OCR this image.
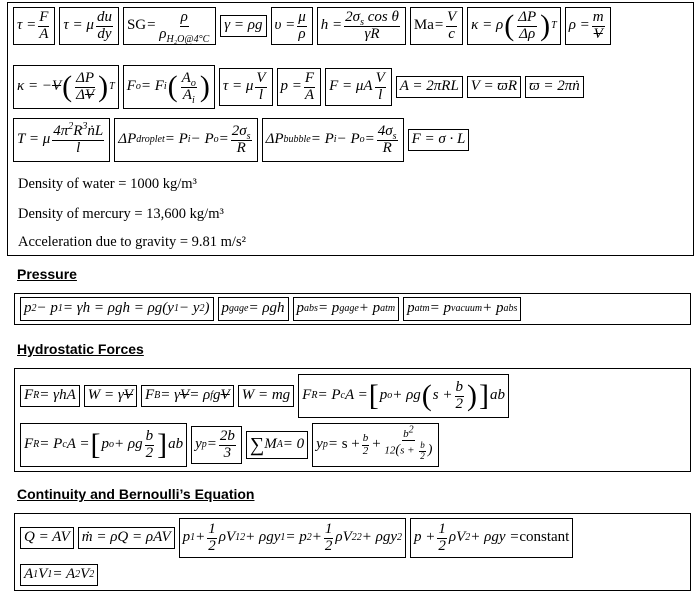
$\tau = \frac{F}{A}$ τ = μ $\frac{du}{dy}$ SG = $\frac{\rho}{\rho_{H_2O@4^\circ C}}$ γ = ρg $\upsilon = \frac{\mu}{\rho}$ $h = \frac{2\sigma_s \cos \theta}{\gamma R}$ $Ma = \frac{V}{c}$ κ = ρ ( $\frac{\Delta P}{\Delta\rho}$ ) T $\rho = \frac{m}{V}$
κ = − V ( $\frac{\Delta P}{\Delta V}$ ) T F o = F i ( $\frac{A_o}{A_i}$ ) τ = μ $\frac{V}{l}$ $p = \frac{F}{A}$ F = μA $\frac{V}{l}$ A = 2πRL V = ϖR ϖ = 2πṅ
T = μ $\frac{4\pi^2R^3ṅL}{l}$ ΔP droplet = P i − P $o = \frac{2\sigma_s}{R}$ ΔP bubble = P i − P $o = \frac{4\sigma_s}{R}$ F = σ · L
Density of water = 1000 kg/m³
Density of mercury = 13,600 kg/m³
Acceleration due to gravity = 9.81 m/s²
Pressure
p 2 − p 1 = γh = ρgh = ρg(y 1 − y 2 ) p gage = ρgh p abs = p gage + p atm p atm = p vacuum + p abs
Hydrostatic Forces
F R = γhA W = γ V F B = γ V = ρ f g V W = mg F R = P c A = [ p o + ρg ( $s + \frac{b}{2}$ ) ] ab
F R = P c A = [ p o + ρg $\frac{b}{2}$ ] ab y $p = \frac{2b}{3}$ ∑ M A = 0 y $p = s + \frac{b}{2} + \frac{b^2}{12(s + \frac{b}{2} )}$
Continuity and Bernoulli’s Equation
Q = AV ṁ = ρQ = ρAV p $1 + \frac{1}{2}$ ρV 1 2 + ρgy 1 = p $2 + \frac{1}{2}$ ρV 2 2 + ρgy 2 $p + \frac{1}{2}$ ρV 2 + ρgy = constant
A 1 V 1 = A 2 V 2
